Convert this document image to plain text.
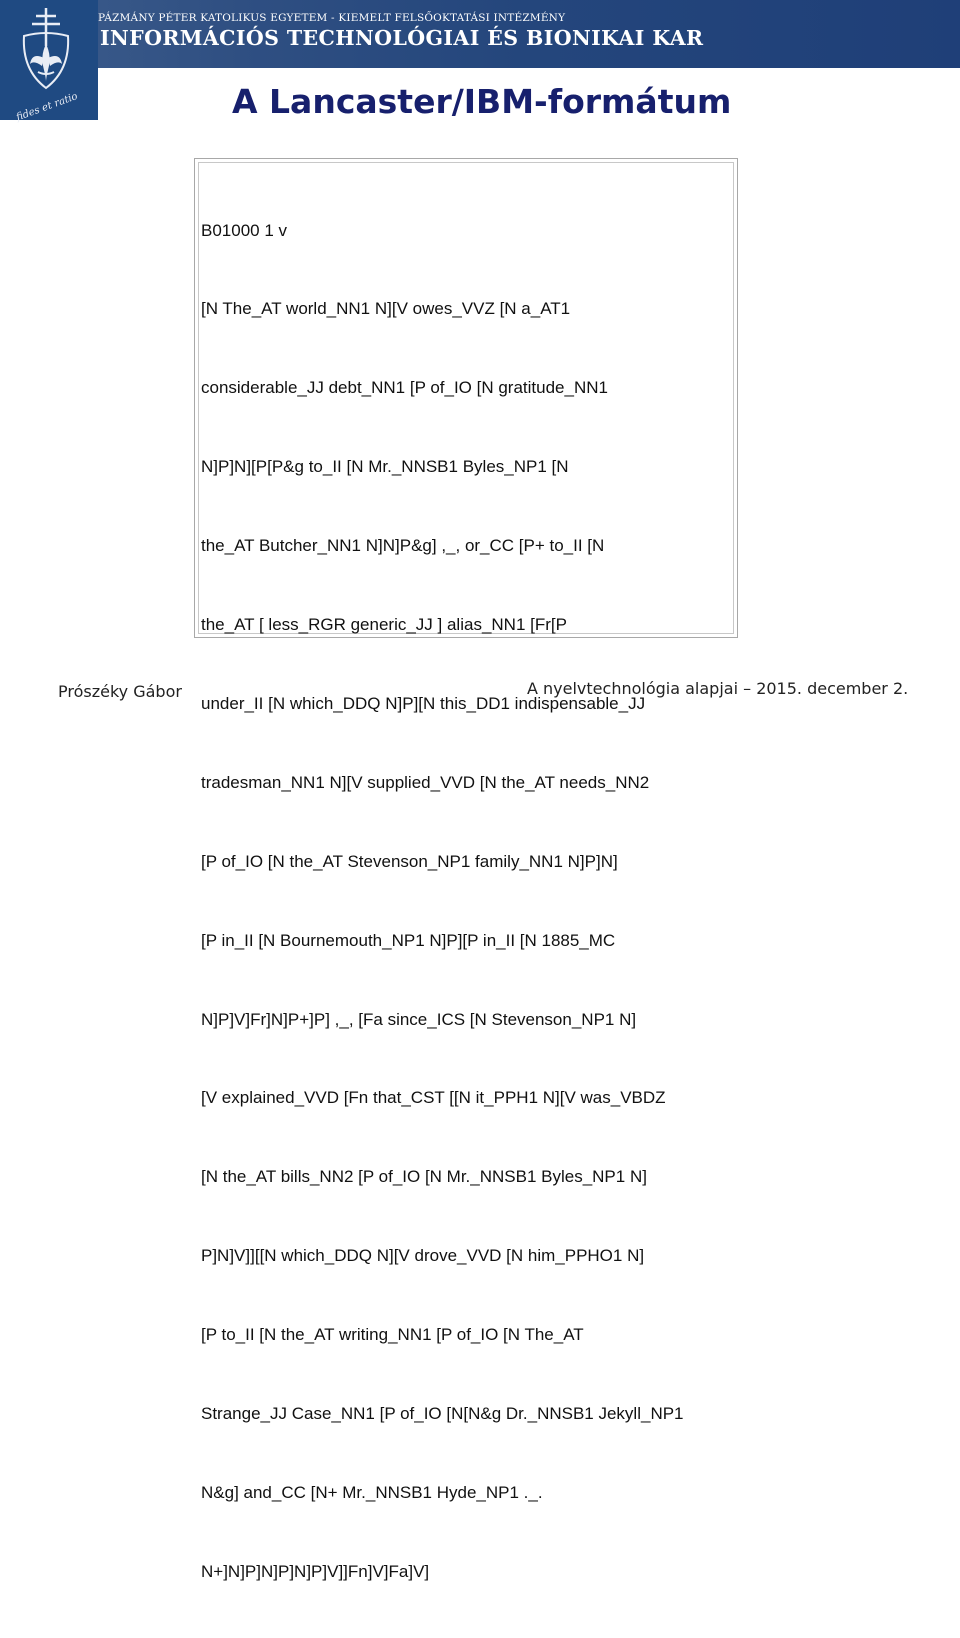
fides et ratio
PÁZMÁNY PÉTER KATOLIKUS EGYETEM - KIEMELT FELSŐOKTATÁSI INTÉZMÉNY
INFORMÁCIÓS TECHNOLÓGIAI ÉS BIONIKAI KAR
A Lancaster/IBM-formátum

B01000 1 v

[N The_AT world_NN1 N][V owes_VVZ [N a_AT1

considerable_JJ debt_NN1 [P of_IO [N gratitude_NN1

N]P]N][P[P&g to_II [N Mr._NNSB1 Byles_NP1 [N

the_AT Butcher_NN1 N]N]P&g] ,_, or_CC [P+ to_II [N

the_AT [ less_RGR generic_JJ ] alias_NN1 [Fr[P

under_II [N which_DDQ N]P][N this_DD1 indispensable_JJ

tradesman_NN1 N][V supplied_VVD [N the_AT needs_NN2

[P of_IO [N the_AT Stevenson_NP1 family_NN1 N]P]N]

[P in_II [N Bournemouth_NP1 N]P][P in_II [N 1885_MC

N]P]V]Fr]N]P+]P] ,_, [Fa since_ICS [N Stevenson_NP1 N]

[V explained_VVD [Fn that_CST [[N it_PPH1 N][V was_VBDZ

[N the_AT bills_NN2 [P of_IO [N Mr._NNSB1 Byles_NP1 N]

P]N]V]][[N which_DDQ N][V drove_VVD [N him_PPHO1 N]

[P to_II [N the_AT writing_NN1 [P of_IO [N The_AT

Strange_JJ Case_NN1 [P of_IO [N[N&g Dr._NNSB1 Jekyll_NP1

N&g] and_CC [N+ Mr._NNSB1 Hyde_NP1 ._.

N+]N]P]N]P]N]P]V]]Fn]V]Fa]V]

Prószéky Gábor	A nyelvtechnológia alapjai – 2015. december 2.
